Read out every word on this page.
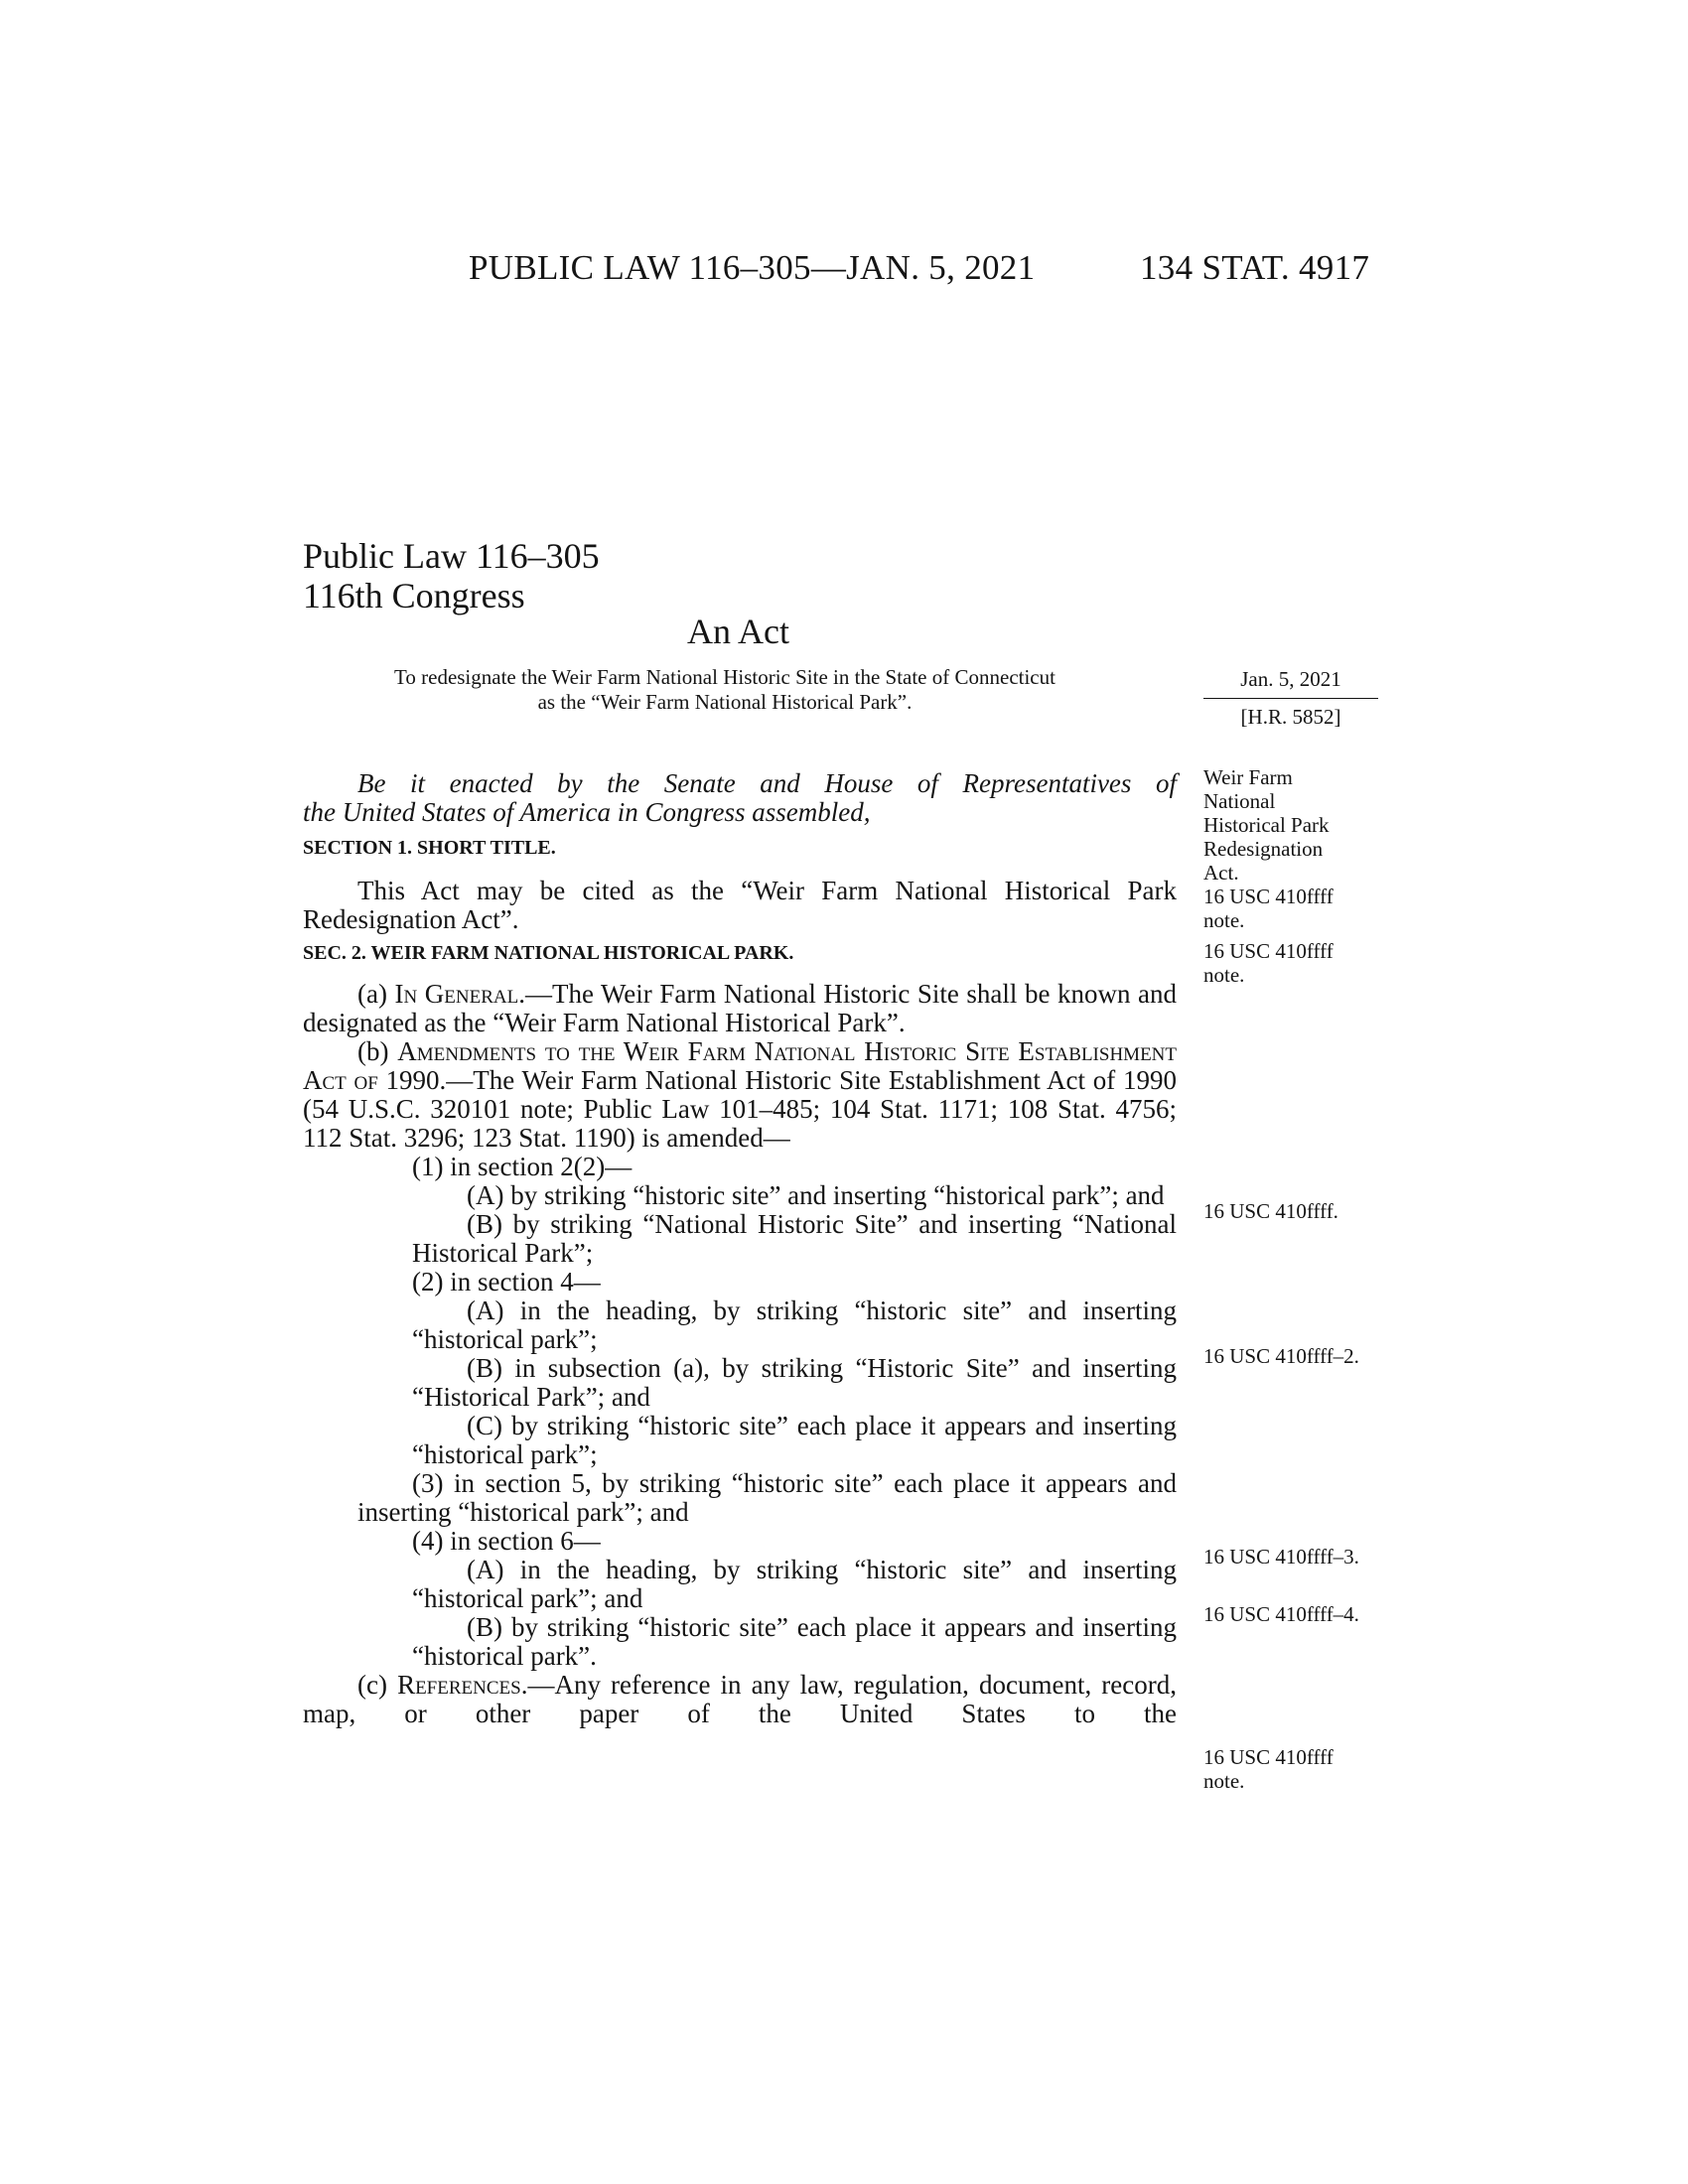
PUBLIC LAW 116–305—JAN. 5, 2021	134 STAT. 4917
Public Law 116–305
116th Congress
An Act
To redesignate the Weir Farm National Historic Site in the State of Connecticut
as the “Weir Farm National Historical Park”.
Jan. 5, 2021
[H.R. 5852]
Weir Farm
National
Historical Park
Redesignation
Act.
16 USC 410ffff
note.
16 USC 410ffff
note.
16 USC 410ffff.
16 USC 410ffff–2.
16 USC 410ffff–3.
16 USC 410ffff–4.
16 USC 410ffff
note.
Be it enacted by the Senate and House of Representatives of
the United States of America in Congress assembled,

SECTION 1. SHORT TITLE.

This Act may be cited as the “Weir Farm National Historical Park Redesignation Act”.

SEC. 2. WEIR FARM NATIONAL HISTORICAL PARK.

(a) In General.—The Weir Farm National Historic Site shall be known and designated as the “Weir Farm National Historical Park”.

(b) Amendments to the Weir Farm National Historic Site Establishment Act of 1990.—The Weir Farm National Historic Site Establishment Act of 1990 (54 U.S.C. 320101 note; Public Law 101–485; 104 Stat. 1171; 108 Stat. 4756; 112 Stat. 3296; 123 Stat. 1190) is amended—

(1) in section 2(2)—

(A) by striking “historic site” and inserting “historical park”; and

(B) by striking “National Historic Site” and inserting “National Historical Park”;

(2) in section 4—

(A) in the heading, by striking “historic site” and inserting “historical park”;

(B) in subsection (a), by striking “Historic Site” and inserting “Historical Park”; and

(C) by striking “historic site” each place it appears and inserting “historical park”;

(3) in section 5, by striking “historic site” each place it appears and inserting “historical park”; and

(4) in section 6—

(A) in the heading, by striking “historic site” and inserting “historical park”; and

(B) by striking “historic site” each place it appears and inserting “historical park”.

(c) References.—Any reference in any law, regulation, document, record, map, or other paper of the United States to the
